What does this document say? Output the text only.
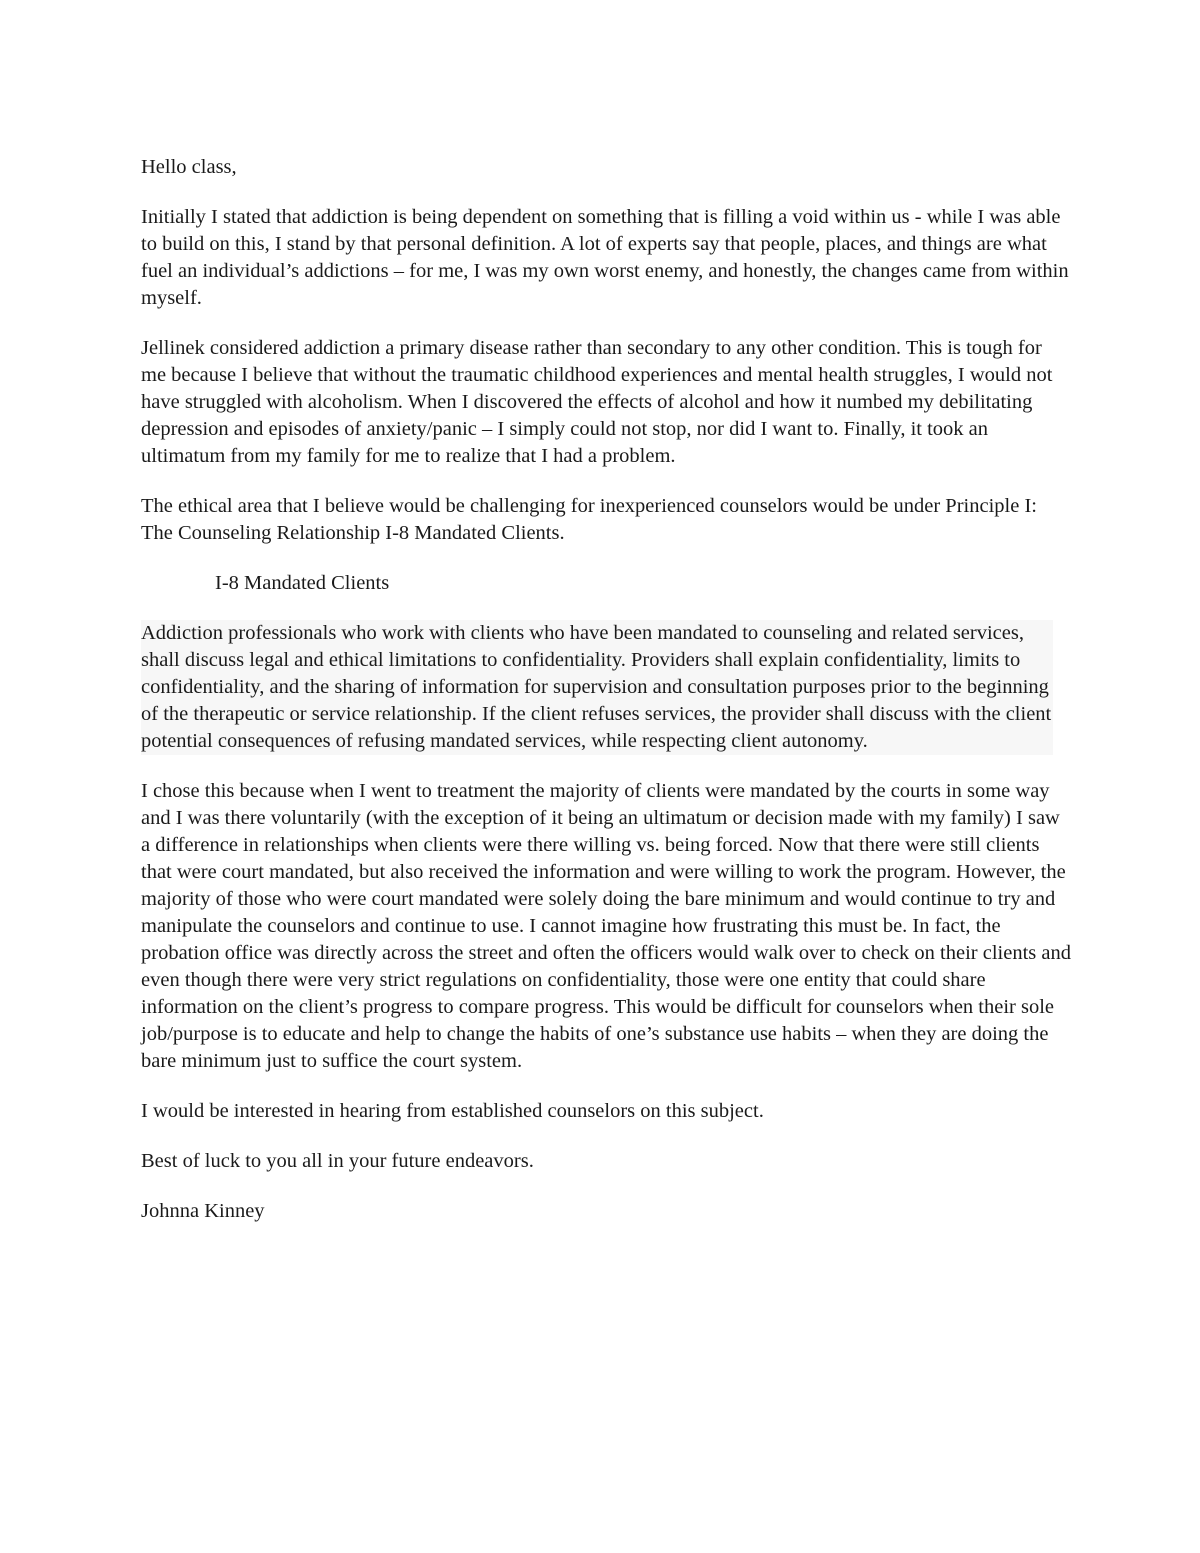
Hello class,

Initially I stated that addiction is being dependent on something that is filling a void within us - while I was able to build on this, I stand by that personal definition. A lot of experts say that people, places, and things are what fuel an individual’s addictions – for me, I was my own worst enemy, and honestly, the changes came from within myself.

Jellinek considered addiction a primary disease rather than secondary to any other condition. This is tough for me because I believe that without the traumatic childhood experiences and mental health struggles, I would not have struggled with alcoholism. When I discovered the effects of alcohol and how it numbed my debilitating depression and episodes of anxiety/panic – I simply could not stop, nor did I want to. Finally, it took an ultimatum from my family for me to realize that I had a problem.

The ethical area that I believe would be challenging for inexperienced counselors would be under Principle I: The Counseling Relationship I-8 Mandated Clients.

I-8 Mandated Clients

Addiction professionals who work with clients who have been mandated to counseling and related services, shall discuss legal and ethical limitations to confidentiality. Providers shall explain confidentiality, limits to confidentiality, and the sharing of information for supervision and consultation purposes prior to the beginning of the therapeutic or service relationship. If the client refuses services, the provider shall discuss with the client potential consequences of refusing mandated services, while respecting client autonomy.

I chose this because when I went to treatment the majority of clients were mandated by the courts in some way and I was there voluntarily (with the exception of it being an ultimatum or decision made with my family) I saw a difference in relationships when clients were there willing vs. being forced. Now that there were still clients that were court mandated, but also received the information and were willing to work the program. However, the majority of those who were court mandated were solely doing the bare minimum and would continue to try and manipulate the counselors and continue to use. I cannot imagine how frustrating this must be. In fact, the probation office was directly across the street and often the officers would walk over to check on their clients and even though there were very strict regulations on confidentiality, those were one entity that could share information on the client’s progress to compare progress. This would be difficult for counselors when their sole job/purpose is to educate and help to change the habits of one’s substance use habits – when they are doing the bare minimum just to suffice the court system.

I would be interested in hearing from established counselors on this subject.

Best of luck to you all in your future endeavors.

Johnna Kinney
